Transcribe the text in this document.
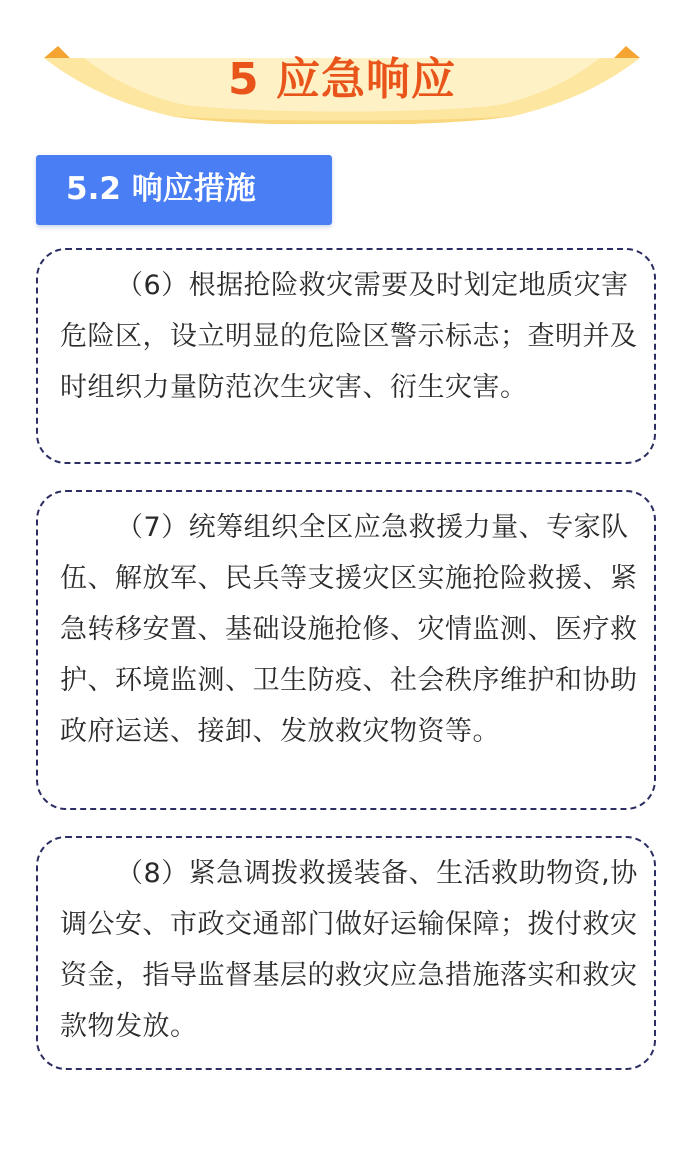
5 应急响应
5.2 响应措施
（6）根据抢险救灾需要及时划定地质灾害危险区，设立明显的危险区警示标志；查明并及时组织力量防范次生灾害、衍生灾害。
（7）统筹组织全区应急救援力量、专家队伍、解放军、民兵等支援灾区实施抢险救援、紧急转移安置、基础设施抢修、灾情监测、医疗救护、环境监测、卫生防疫、社会秩序维护和协助政府运送、接卸、发放救灾物资等。
（8）紧急调拨救援装备、生活救助物资,协调公安、市政交通部门做好运输保障；拨付救灾资金，指导监督基层的救灾应急措施落实和救灾款物发放。
